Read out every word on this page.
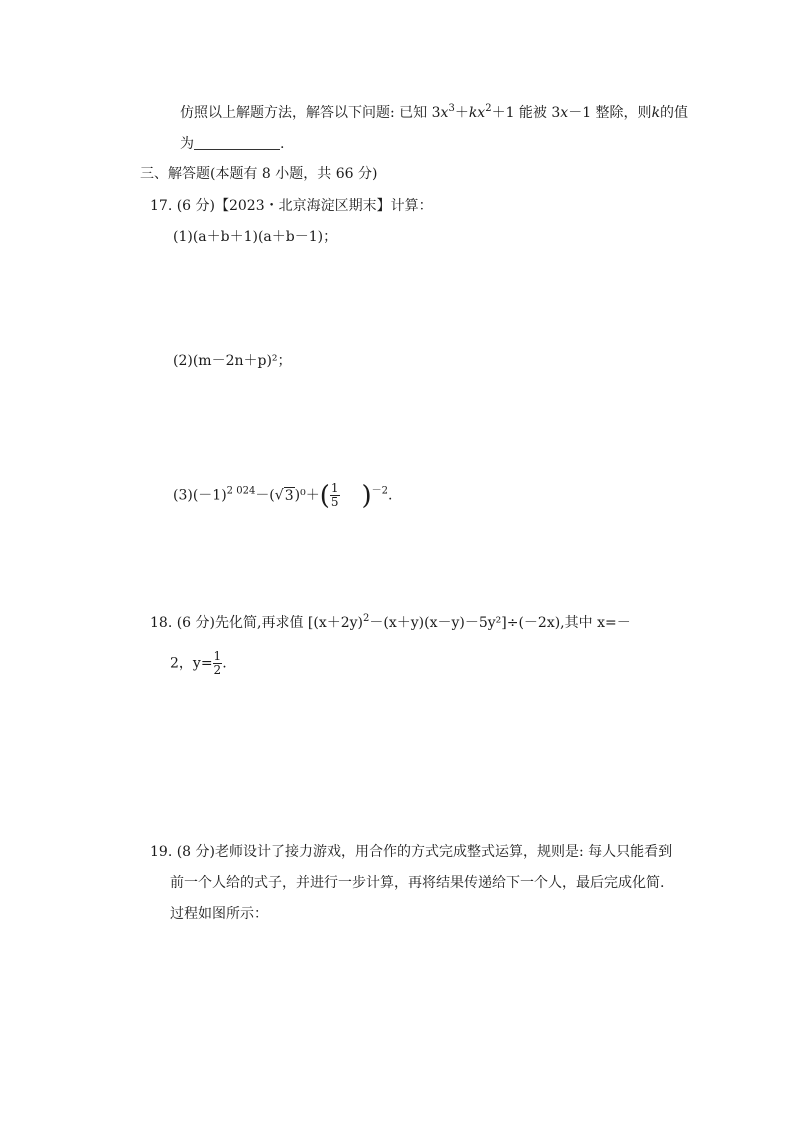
仿照以上解题方法，解答以下问题: 已知 $3x^3+kx^2+1$ 能被 3x－1 整除，则k的值
为	.
三、解答题(本题有 8 小题，共 66 分)
17. (6 分)【2023・北京海淀区期末】计算：
(1)(a＋b＋1)(a＋b－1)；
(2)(m－2n＋p)²；
$(3)(-1)^{2 024}-(√3)^0+( \frac{1}{5} )^{-2}$.
18. (6 分)先化简,再求值 $[(x+2y)^2-(x+y)(x-y)-5y^2]\div(-2x)$,其中 x=－
2，$y= \frac{1}{2}$ .
19. (8 分)老师设计了接力游戏，用合作的方式完成整式运算，规则是: 每人只能看到
前一个人给的式子，并进行一步计算，再将结果传递给下一个人，最后完成化简.
过程如图所示：
